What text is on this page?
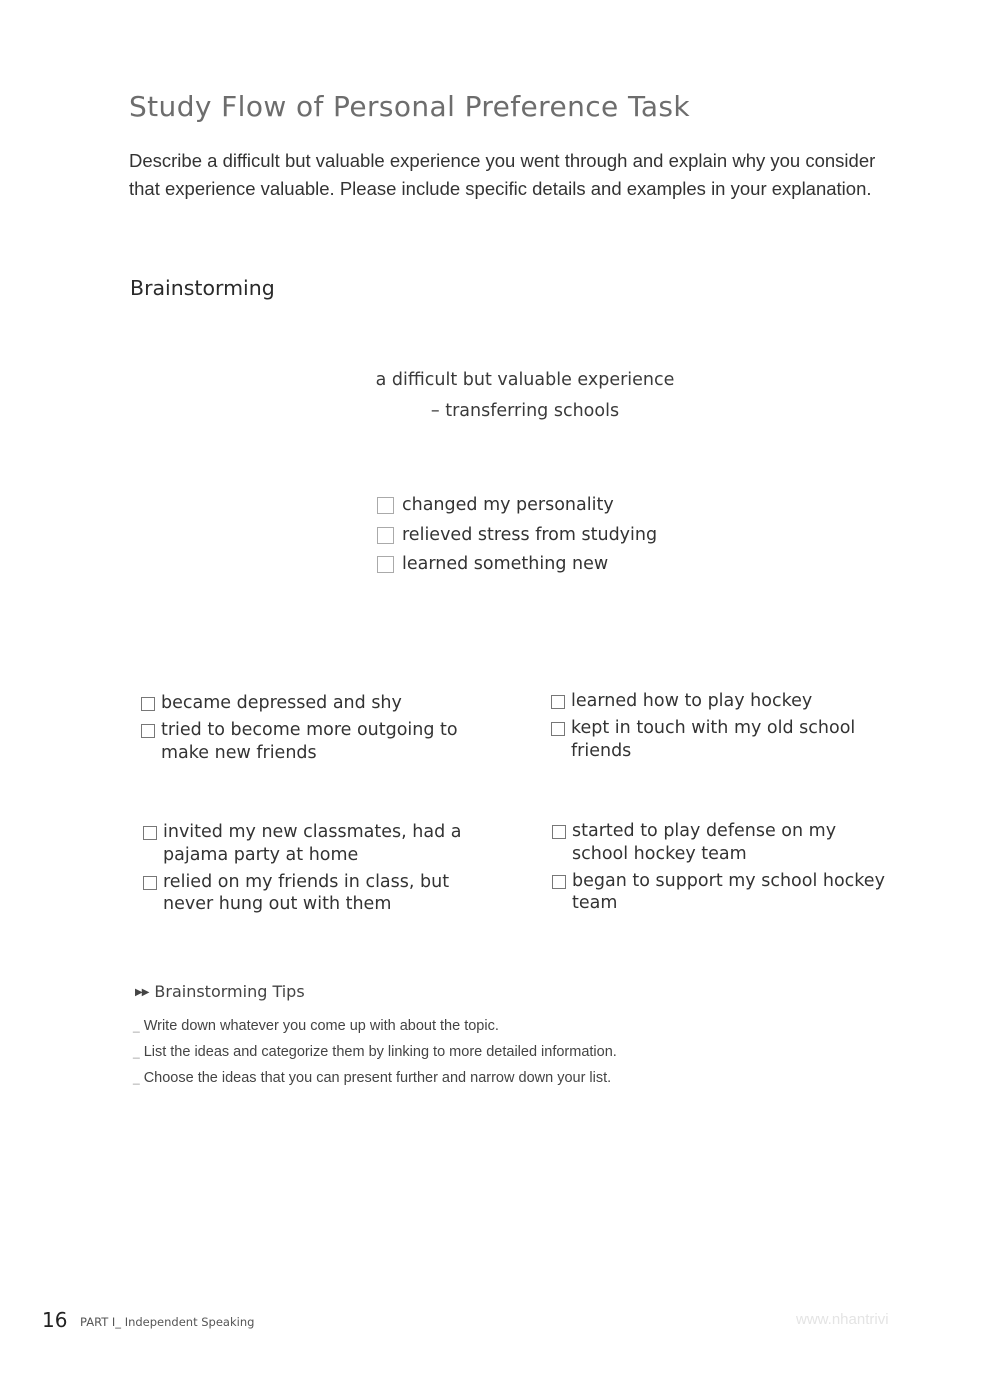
Study Flow of Personal Preference Task
Describe a difficult but valuable experience you went through and explain why you consider that experience valuable. Please include specific details and examples in your explanation.
Brainstorming
a difficult but valuable experience
– transferring schools
changed my personality
relieved stress from studying
learned something new
became depressed and shy
tried to become more outgoing to make new friends
learned how to play hockey
kept in touch with my old school friends
invited my new classmates, had a pajama party at home
relied on my friends in class, but never hung out with them
started to play defense on my school hockey team
began to support my school hockey team
▶▶ Brainstorming Tips
_ Write down whatever you come up with about the topic.
_ List the ideas and categorize them by linking to more detailed information.
_ Choose the ideas that you can present further and narrow down your list.
16 PART I_ Independent Speaking	www.nhantrivi
